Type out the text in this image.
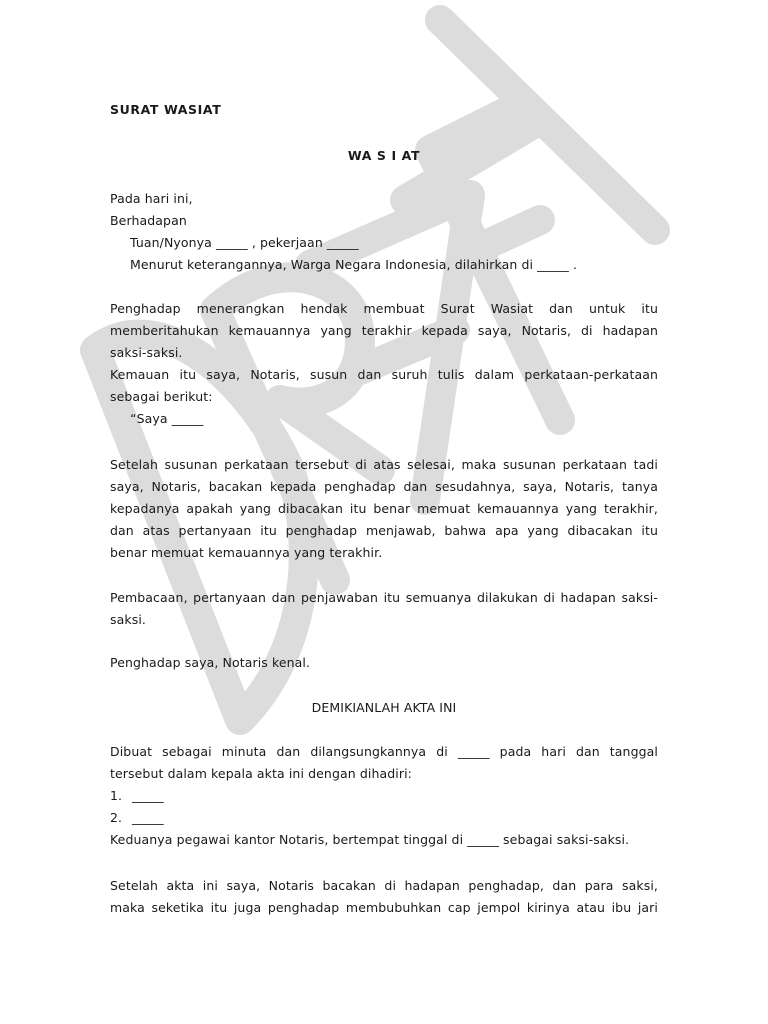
SURAT WASIAT
WA S I AT
Pada hari ini,
Berhadapan
Tuan/Nyonya _____ , pekerjaan _____
Menurut keterangannya, Warga Negara Indonesia, dilahirkan di _____ .
Penghadap menerangkan hendak membuat Surat Wasiat dan untuk itu
memberitahukan kemauannya yang terakhir kepada saya, Notaris, di hadapan
saksi-saksi.
Kemauan itu saya, Notaris, susun dan suruh tulis dalam perkataan-perkataan
sebagai berikut:
“Saya _____
Setelah susunan perkataan tersebut di atas selesai, maka susunan perkataan tadi
saya, Notaris, bacakan kepada penghadap dan sesudahnya, saya, Notaris, tanya
kepadanya apakah yang dibacakan itu benar memuat kemauannya yang terakhir,
dan atas pertanyaan itu penghadap menjawab, bahwa apa yang dibacakan itu
benar memuat kemauannya yang terakhir.
Pembacaan, pertanyaan dan penjawaban itu semuanya dilakukan di hadapan saksi-
saksi.
Penghadap saya, Notaris kenal.
DEMIKIANLAH AKTA INI
Dibuat sebagai minuta dan dilangsungkannya di _____ pada hari dan tanggal
tersebut dalam kepala akta ini dengan dihadiri:
1. _____
2. _____
Keduanya pegawai kantor Notaris, bertempat tinggal di _____ sebagai saksi-saksi.
Setelah akta ini saya, Notaris bacakan di hadapan penghadap, dan para saksi,
maka seketika itu juga penghadap membubuhkan cap jempol kirinya atau ibu jari
